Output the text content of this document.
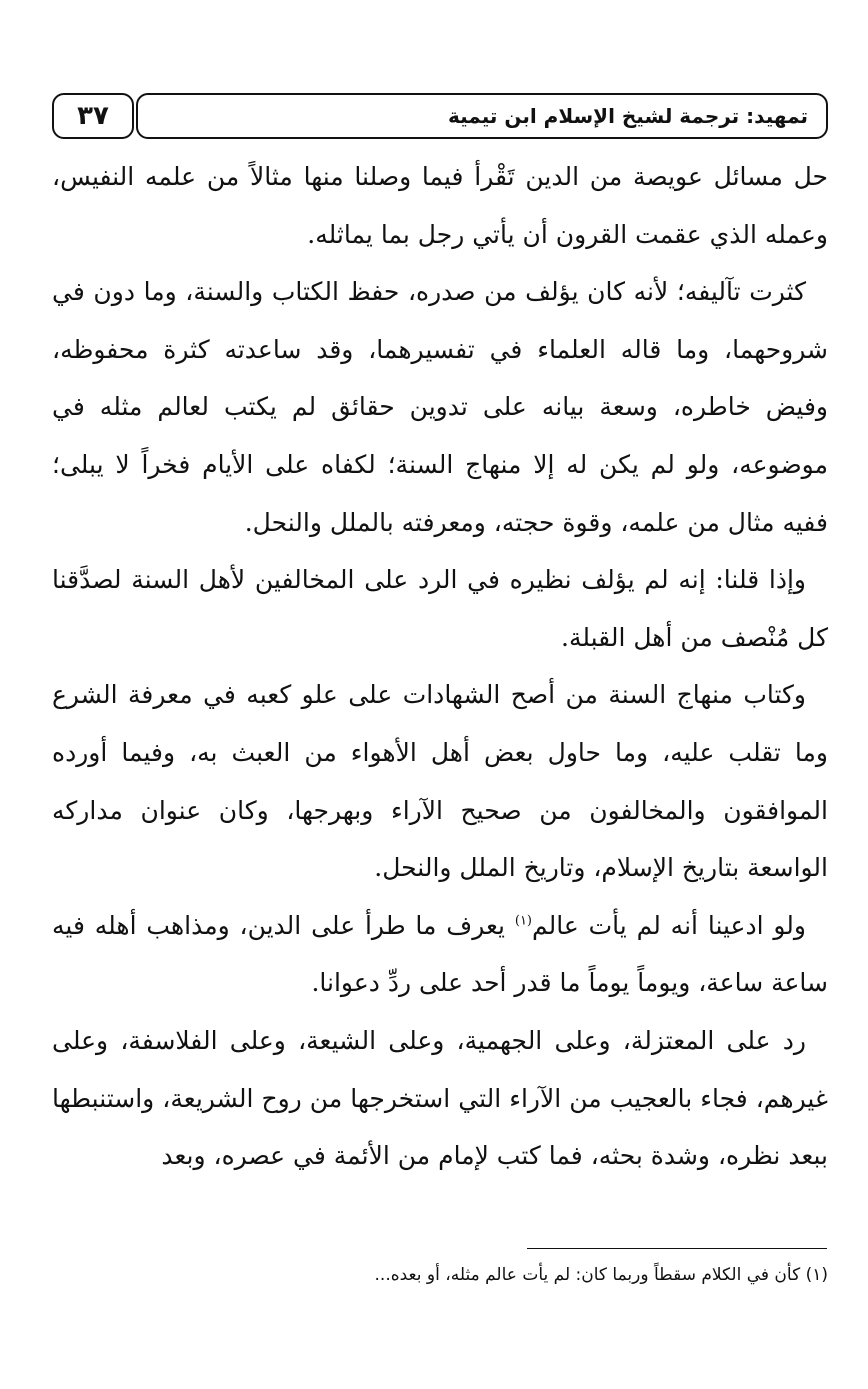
٣٧	تمهيد: ترجمة لشيخ الإسلام ابن تيمية

حل مسائل عويصة من الدين تَقْرأ فيما وصلنا منها مثالاً من علمه النفيس، وعمله الذي عقمت القرون أن يأتي رجل بما يماثله.

كثرت تآليفه؛ لأنه كان يؤلف من صدره، حفظ الكتاب والسنة، وما دون في شروحهما، وما قاله العلماء في تفسيرهما، وقد ساعدته كثرة محفوظه، وفيض خاطره، وسعة بيانه على تدوين حقائق لم يكتب لعالم مثله في موضوعه، ولو لم يكن له إلا منهاج السنة؛ لكفاه على الأيام فخراً لا يبلى؛ ففيه مثال من علمه، وقوة حجته، ومعرفته بالملل والنحل.

وإذا قلنا: إنه لم يؤلف نظيره في الرد على المخالفين لأهل السنة لصدَّقنا كل مُنْصف من أهل القبلة.

وكتاب منهاج السنة من أصح الشهادات على علو كعبه في معرفة الشرع وما تقلب عليه، وما حاول بعض أهل الأهواء من العبث به، وفيما أورده الموافقون والمخالفون من صحيح الآراء وبهرجها، وكان عنوان مداركه الواسعة بتاريخ الإسلام، وتاريخ الملل والنحل.

ولو ادعينا أنه لم يأت عالم$^{(١)}$ يعرف ما طرأ على الدين، ومذاهب أهله فيه ساعة ساعة، ويوماً يوماً ما قدر أحد على ردِّ دعوانا.

رد على المعتزلة، وعلى الجهمية، وعلى الشيعة، وعلى الفلاسفة، وعلى غيرهم، فجاء بالعجيب من الآراء التي استخرجها من روح الشريعة، واستنبطها ببعد نظره، وشدة بحثه، فما كتب لإمام من الأئمة في عصره، وبعد

(١) كأن في الكلام سقطاً وربما كان: لم يأت عالم مثله، أو بعده...
